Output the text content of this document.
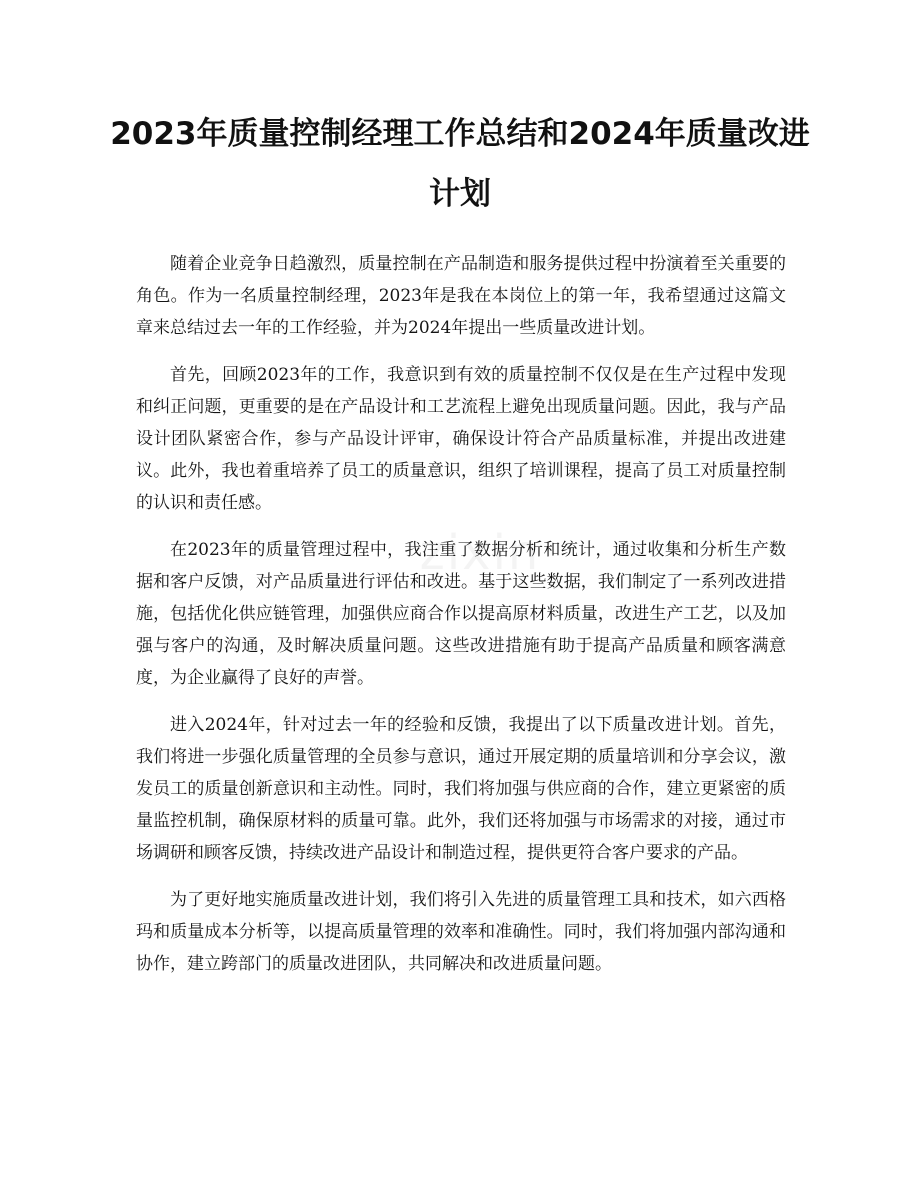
2023年质量控制经理工作总结和2024年质量改进计划

随着企业竞争日趋激烈，质量控制在产品制造和服务提供过程中扮演着至关重要的角色。作为一名质量控制经理，2023年是我在本岗位上的第一年，我希望通过这篇文章来总结过去一年的工作经验，并为2024年提出一些质量改进计划。

首先，回顾2023年的工作，我意识到有效的质量控制不仅仅是在生产过程中发现和纠正问题，更重要的是在产品设计和工艺流程上避免出现质量问题。因此，我与产品设计团队紧密合作，参与产品设计评审，确保设计符合产品质量标准，并提出改进建议。此外，我也着重培养了员工的质量意识，组织了培训课程，提高了员工对质量控制的认识和责任感。

在2023年的质量管理过程中，我注重了数据分析和统计，通过收集和分析生产数据和客户反馈，对产品质量进行评估和改进。基于这些数据，我们制定了一系列改进措施，包括优化供应链管理，加强供应商合作以提高原材料质量，改进生产工艺，以及加强与客户的沟通，及时解决质量问题。这些改进措施有助于提高产品质量和顾客满意度，为企业赢得了良好的声誉。

进入2024年，针对过去一年的经验和反馈，我提出了以下质量改进计划。首先，我们将进一步强化质量管理的全员参与意识，通过开展定期的质量培训和分享会议，激发员工的质量创新意识和主动性。同时，我们将加强与供应商的合作，建立更紧密的质量监控机制，确保原材料的质量可靠。此外，我们还将加强与市场需求的对接，通过市场调研和顾客反馈，持续改进产品设计和制造过程，提供更符合客户要求的产品。

为了更好地实施质量改进计划，我们将引入先进的质量管理工具和技术，如六西格玛和质量成本分析等，以提高质量管理的效率和准确性。同时，我们将加强内部沟通和协作，建立跨部门的质量改进团队，共同解决和改进质量问题。
